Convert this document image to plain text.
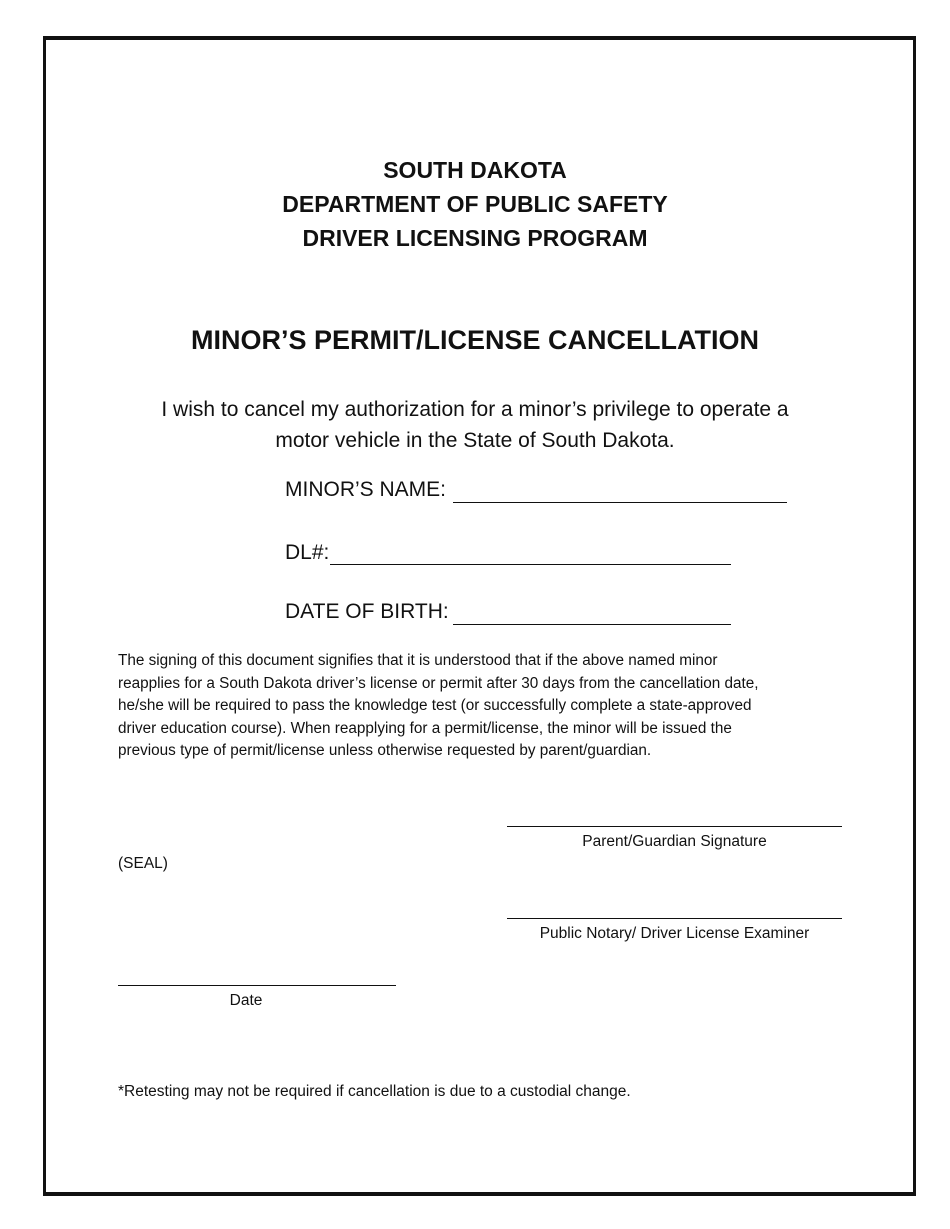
SOUTH DAKOTA
DEPARTMENT OF PUBLIC SAFETY
DRIVER LICENSING PROGRAM
MINOR’S PERMIT/LICENSE CANCELLATION
I wish to cancel my authorization for a minor’s privilege to operate a
motor vehicle in the State of South Dakota.
MINOR’S NAME:
DL#:
DATE OF BIRTH:
The signing of this document signifies that it is understood that if the above named minor
reapplies for a South Dakota driver’s license or permit after 30 days from the cancellation date,
he/she will be required to pass the knowledge test (or successfully complete a state-approved
driver education course). When reapplying for a permit/license, the minor will be issued the
previous type of permit/license unless otherwise requested by parent/guardian.
Parent/Guardian Signature
(SEAL)
Public Notary/ Driver License Examiner
Date
*Retesting may not be required if cancellation is due to a custodial change.
